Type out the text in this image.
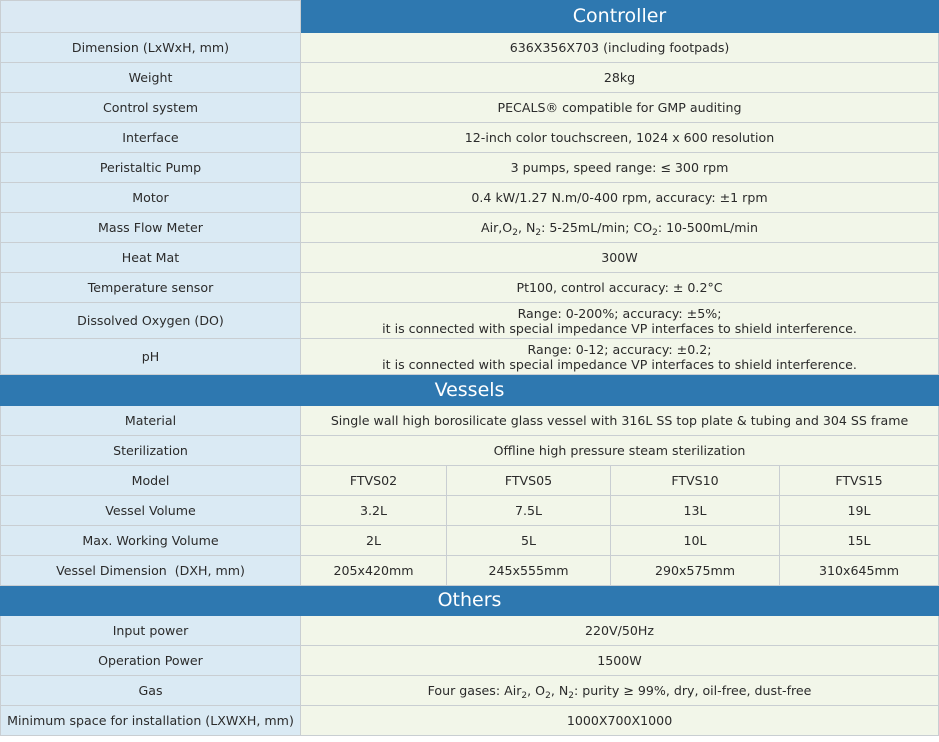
	Controller			
Dimension (LxWxH, mm)	636X356X703 (including footpads)			
Weight	28kg			
Control system	PECALS® compatible for GMP auditing			
Interface	12-inch color touchscreen, 1024 x 600 resolution			
Peristaltic Pump	3 pumps, speed range: ≤ 300 rpm			
Motor	0.4 kW/1.27 N.m/0-400 rpm, accuracy: ±1 rpm			
Mass Flow Meter	$Air,O_2$, $N_2$: 5-25mL/min; $CO_2$: 10-500mL/min			
Heat Mat	300W			
Temperature sensor	Pt100, control accuracy: ± 0.2°C			
Dissolved Oxygen (DO)	Range: 0-200%; accuracy: ±5%;
it is connected with special impedance VP interfaces to shield interference.			

pH	Range: 0-12; accuracy: ±0.2;
it is connected with special impedance VP interfaces to shield interference.			

Vessels				
Material	Single wall high borosilicate glass vessel with 316L SS top plate & tubing and 304 SS frame			
Sterilization	Offline high pressure steam sterilization			
Model	FTVS02	FTVS05	FTVS10	FTVS15
Vessel Volume	3.2L	7.5L	13L	19L
Max. Working Volume	2L	5L	10L	15L
Vessel Dimension  (DXH, mm)	205x420mm	245x555mm	290x575mm	310x645mm
Others				
Input power	220V/50Hz			
Operation Power	1500W			
Gas	Four gases: Air$_2$, $O_2$, $N_2$: purity ≥ 99%, dry, oil-free, dust-free			
Minimum space for installation (LXWXH, mm)	1000X700X1000			
